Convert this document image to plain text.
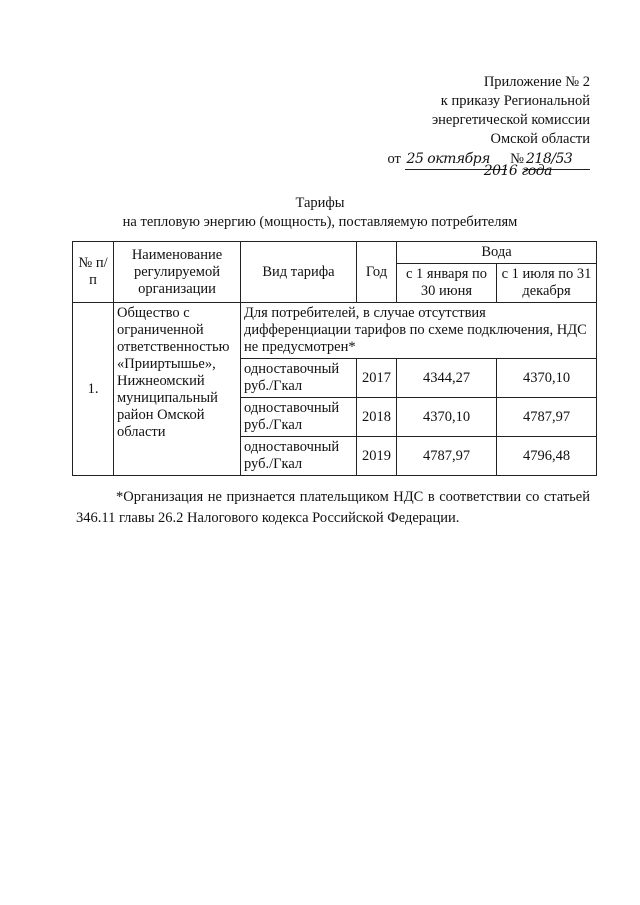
Приложение № 2
к приказу Региональной
энергетической комиссии
Омской области
от 25 октября № 218/53
2016 года
Тарифы
на тепловую энергию (мощность), поставляемую потребителям
№ п/п	Наименование регулируемой организации	Вид тарифа	Год	Вода	
				с 1 января по 30 июня	с 1 июля по 31 декабря
1.	Общество с ограниченной ответственностью «Прииртышье», Нижнеомский муниципальный район Омской области	Для потребителей, в случае отсутствия дифференциации тарифов по схеме подключения, НДС не предусмотрен*			
		одноставочный руб./Гкал	2017	4344,27	4370,10
		одноставочный руб./Гкал	2018	4370,10	4787,97
		одноставочный руб./Гкал	2019	4787,97	4796,48

*Организация не признается плательщиком НДС в соответствии со статьей 346.11 главы 26.2 Налогового кодекса Российской Федерации.
